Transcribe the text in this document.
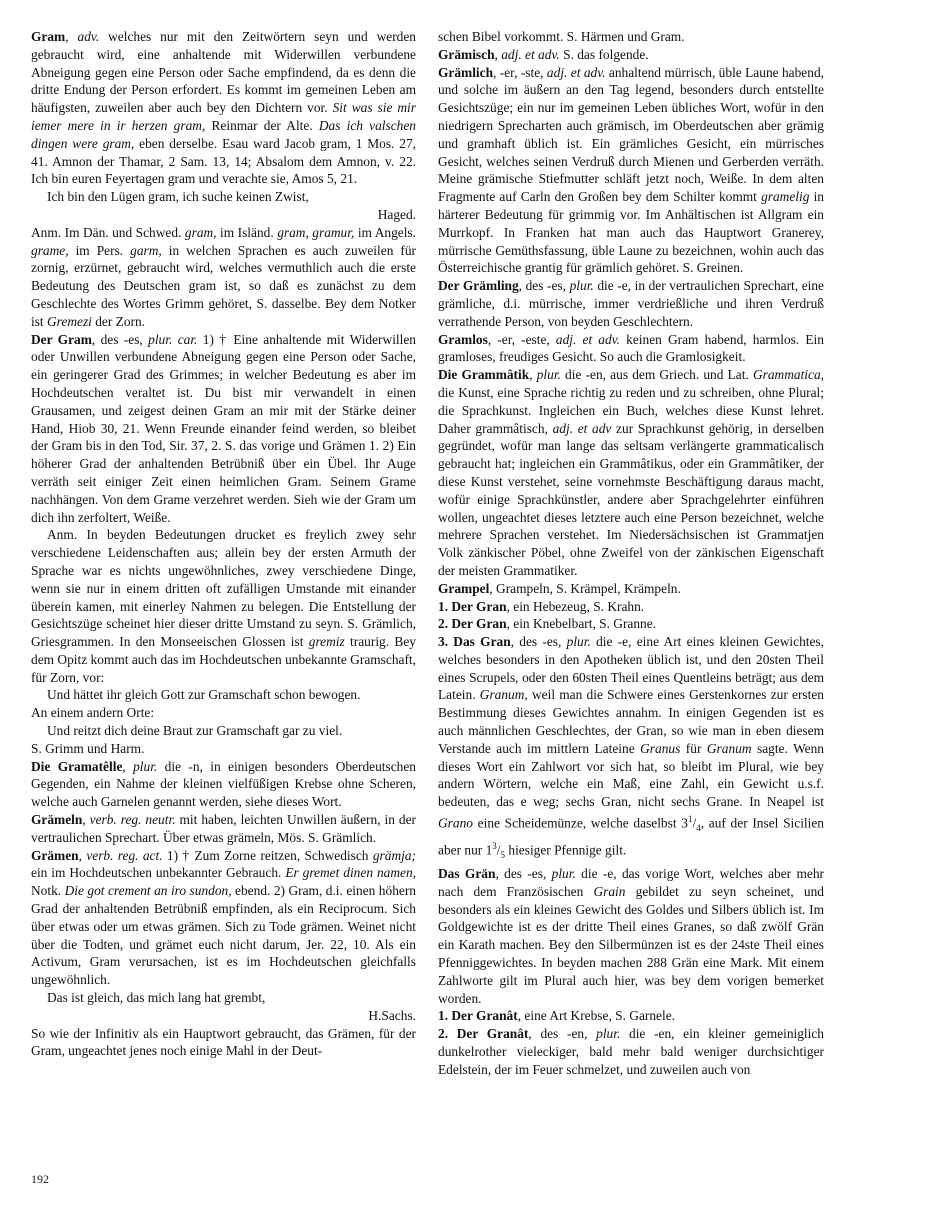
Gram, adv. welches nur mit den Zeitwörtern seyn und werden gebraucht wird, eine anhaltende mit Widerwillen verbundene Abneigung gegen eine Person oder Sache empfindend, da es denn die dritte Endung der Person erfordert. Es kommt im gemeinen Leben am häufigsten, zuweilen aber auch bey den Dichtern vor. Sit was sie mir iemer mere in ir herzen gram, Reinmar der Alte. Das ich valschen dingen were gram, eben derselbe. Esau ward Jacob gram, 1 Mos. 27, 41. Amnon der Thamar, 2 Sam. 13, 14; Absalom dem Amnon, v. 22. Ich bin euren Feyertagen gram und verachte sie, Amos 5, 21.

Ich bin den Lügen gram, ich suche keinen Zwist,

Haged.

Anm. Im Dän. und Schwed. gram, im Isländ. gram, gramur, im Angels. grame, im Pers. garm, in welchen Sprachen es auch zuweilen für zornig, erzürnet, gebraucht wird, welches vermuthlich auch die erste Bedeutung des Deutschen gram ist, so daß es zunächst zu dem Geschlechte des Wortes Grimm gehöret, S. dasselbe. Bey dem Notker ist Gremezi der Zorn.

Der Gram, des -es, plur. car. 1) † Eine anhaltende mit Widerwillen oder Unwillen verbundene Abneigung gegen eine Person oder Sache, ein geringerer Grad des Grimmes; in welcher Bedeutung es aber im Hochdeutschen veraltet ist. Du bist mir verwandelt in einen Grausamen, und zeigest deinen Gram an mir mit der Stärke deiner Hand, Hiob 30, 21. Wenn Freunde einander feind werden, so bleibet der Gram bis in den Tod, Sir. 37, 2. S. das vorige und Grämen 1. 2) Ein höherer Grad der anhaltenden Betrübniß über ein Übel. Ihr Auge verräth seit einiger Zeit einen heimlichen Gram. Seinem Grame nachhängen. Von dem Grame verzehret werden. Sieh wie der Gram um dich ihn zerfoltert, Weiße.

Anm. In beyden Bedeutungen drucket es freylich zwey sehr verschiedene Leidenschaften aus; allein bey der ersten Armuth der Sprache war es nichts ungewöhnliches, zwey verschiedene Dinge, wenn sie nur in einem dritten oft zufälligen Umstande mit einander überein kamen, mit einerley Nahmen zu belegen. Die Entstellung der Gesichtszüge scheinet hier dieser dritte Umstand zu seyn. S. Grämlich, Griesgrammen. In den Monseeischen Glossen ist gremiz traurig. Bey dem Opitz kommt auch das im Hochdeutschen unbekannte Gramschaft, für Zorn, vor:

Und hättet ihr gleich Gott zur Gramschaft schon bewogen.

An einem andern Orte:

Und reitzt dich deine Braut zur Gramschaft gar zu viel.

S. Grimm und Harm.

Die Gramatêlle, plur. die -n, in einigen besonders Oberdeutschen Gegenden, ein Nahme der kleinen vielfüßigen Krebse ohne Scheren, welche auch Garnelen genannt werden, siehe dieses Wort.

Grämeln, verb. reg. neutr. mit haben, leichten Unwillen äußern, in der vertraulichen Sprechart. Über etwas grämeln, Mös. S. Grämlich.

Grämen, verb. reg. act. 1) † Zum Zorne reitzen, Schwedisch grämja; ein im Hochdeutschen unbekannter Gebrauch. Er gremet dinen namen, Notk. Die got crement an iro sundon, ebend. 2) Gram, d.i. einen höhern Grad der anhaltenden Betrübniß empfinden, als ein Reciprocum. Sich über etwas oder um etwas grämen. Sich zu Tode grämen. Weinet nicht über die Todten, und grämet euch nicht darum, Jer. 22, 10. Als ein Activum, Gram verursachen, ist es im Hochdeutschen gleichfalls ungewöhnlich.

Das ist gleich, das mich lang hat grembt,

H.Sachs.

So wie der Infinitiv als ein Hauptwort gebraucht, das Grämen, für der Gram, ungeachtet jenes noch einige Mahl in der Deut-

schen Bibel vorkommt. S. Härmen und Gram.

Grämisch, adj. et adv. S. das folgende.

Grämlich, -er, -ste, adj. et adv. anhaltend mürrisch, üble Laune habend, und solche im äußern an den Tag legend, besonders durch entstellte Gesichtszüge; ein nur im gemeinen Leben übliches Wort, wofür in den niedrigern Sprecharten auch grämisch, im Oberdeutschen aber grämig und gramhaft üblich ist. Ein grämliches Gesicht, ein mürrisches Gesicht, welches seinen Verdruß durch Mienen und Gerberden verräth. Meine grämische Stiefmutter schläft jetzt noch, Weiße. In dem alten Fragmente auf Carln den Großen bey dem Schilter kommt gramelig in härterer Bedeutung für grimmig vor. Im Anhältischen ist Allgram ein Murrkopf. In Franken hat man auch das Hauptwort Granerey, mürrische Gemüthsfassung, üble Laune zu bezeichnen, wohin auch das Österreichische grantig für grämlich gehöret. S. Greinen.

Der Grämling, des -es, plur. die -e, in der vertraulichen Sprechart, eine grämliche, d.i. mürrische, immer verdrießliche und ihren Verdruß verrathende Person, von beyden Geschlechtern.

Gramlos, -er, -este, adj. et adv. keinen Gram habend, harmlos. Ein gramloses, freudiges Gesicht. So auch die Gramlosigkeit.

Die Grammâtik, plur. die -en, aus dem Griech. und Lat. Grammatica, die Kunst, eine Sprache richtig zu reden und zu schreiben, ohne Plural; die Sprachkunst. Ingleichen ein Buch, welches diese Kunst lehret. Daher grammâtisch, adj. et adv zur Sprachkunst gehörig, in derselben gegründet, wofür man lange das seltsam verlängerte grammaticalisch gebraucht hat; ingleichen ein Grammâtikus, oder ein Grammâtiker, der diese Kunst verstehet, seine vornehmste Beschäftigung daraus macht, wofür einige Sprachkünstler, andere aber Sprachgelehrter einführen wollen, ungeachtet dieses letztere auch eine Person bezeichnet, welche mehrere Sprachen verstehet. Im Niedersächsischen ist Grammatjen Volk zänkischer Pöbel, ohne Zweifel von der zänkischen Eigenschaft der meisten Grammatiker.

Grampel, Grampeln, S. Krämpel, Krämpeln.

1. Der Gran, ein Hebezeug, S. Krahn.

2. Der Gran, ein Knebelbart, S. Granne.

3. Das Gran, des -es, plur. die -e, eine Art eines kleinen Gewichtes, welches besonders in den Apotheken üblich ist, und den 20sten Theil eines Scrupels, oder den 60sten Theil eines Quentleins beträgt; aus dem Latein. Granum, weil man die Schwere eines Gerstenkornes zur ersten Bestimmung dieses Gewichtes annahm. In einigen Gegenden ist es auch männlichen Geschlechtes, der Gran, so wie man in eben diesem Verstande auch im mittlern Lateine Granus für Granum sagte. Wenn dieses Wort ein Zahlwort vor sich hat, so bleibt im Plural, wie bey andern Wörtern, welche ein Maß, eine Zahl, ein Gewicht u.s.f. bedeuten, das e weg; sechs Gran, nicht sechs Grane. In Neapel ist Grano eine Scheidemünze, welche daselbst $3^1/_4$, auf der Insel Sicilien aber nur $1^3/_5$ hiesiger Pfennige gilt.

Das Grän, des -es, plur. die -e, das vorige Wort, welches aber mehr nach dem Französischen Grain gebildet zu seyn scheinet, und besonders als ein kleines Gewicht des Goldes und Silbers üblich ist. Im Goldgewichte ist es der dritte Theil eines Granes, so daß zwölf Grän ein Karath machen. Bey den Silbermünzen ist es der 24ste Theil eines Pfenniggewichtes. In beyden machen 288 Grän eine Mark. Mit einem Zahlworte gilt im Plural auch hier, was bey dem vorigen bemerket worden.

1. Der Granât, eine Art Krebse, S. Garnele.

2. Der Granât, des -en, plur. die -en, ein kleiner gemeiniglich dunkelrother vieleckiger, bald mehr bald weniger durchsichtiger Edelstein, der im Feuer schmelzet, und zuweilen auch von

192
